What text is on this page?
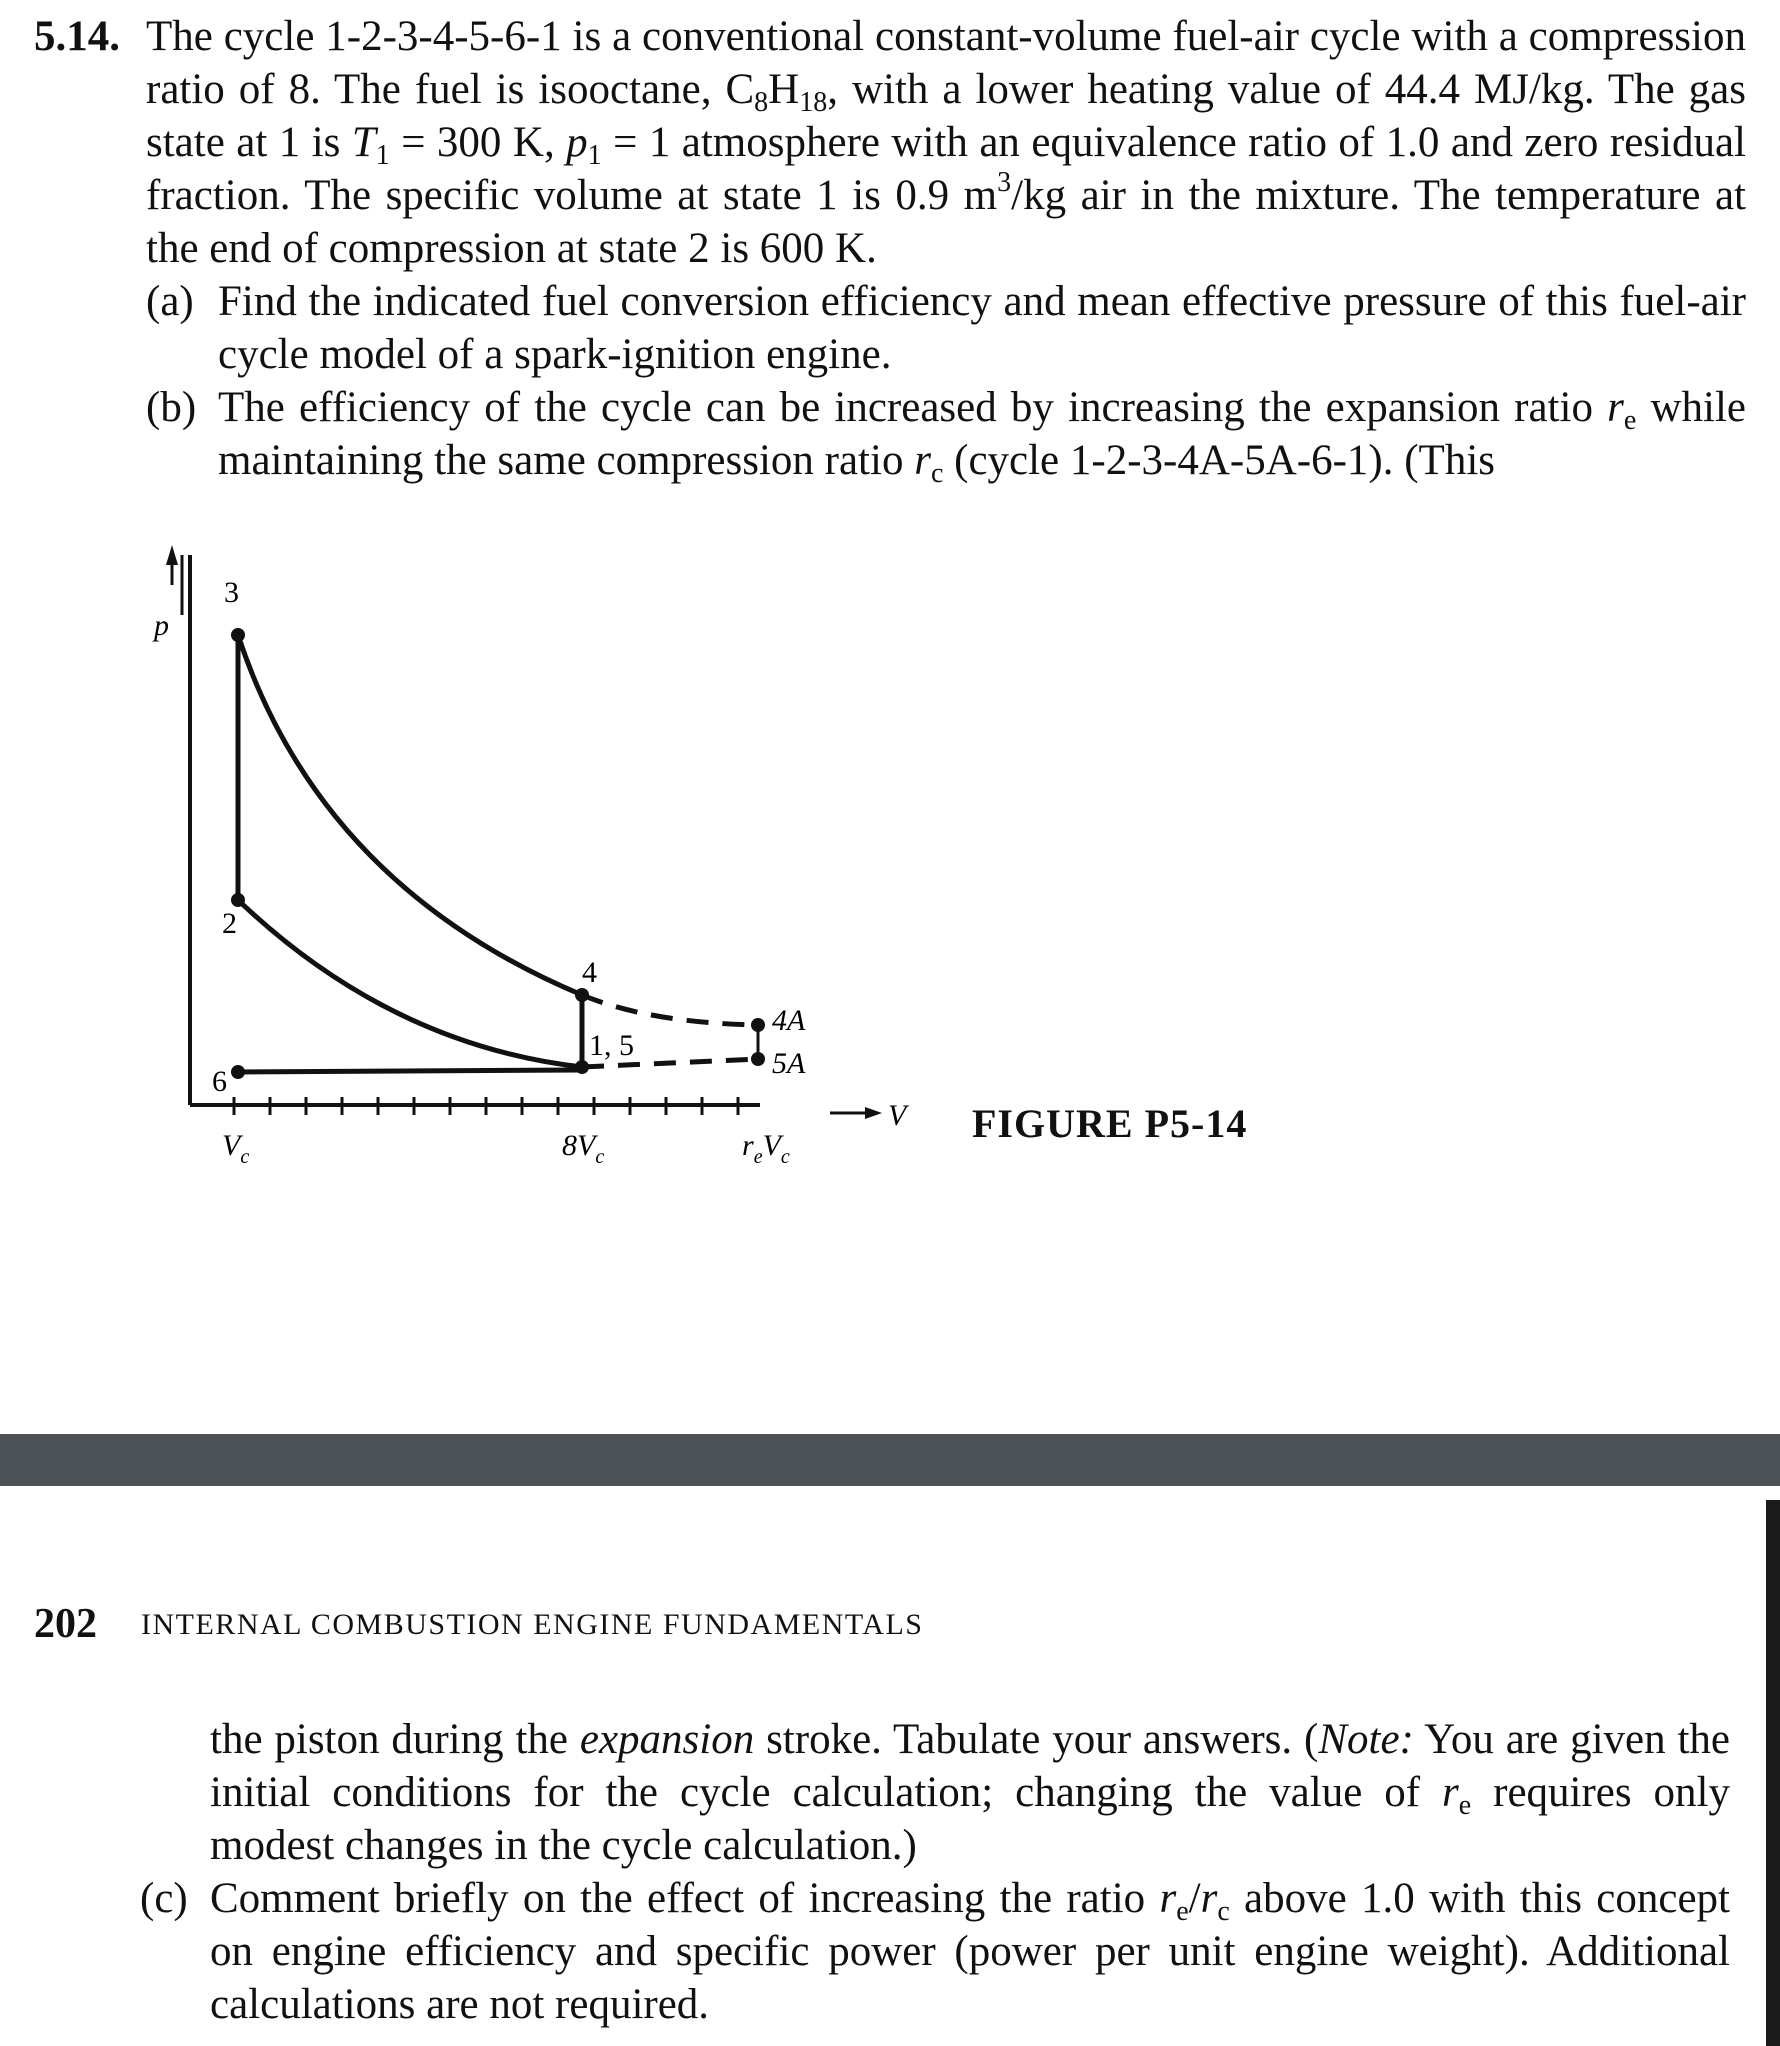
5.14. The cycle 1-2-3-4-5-6-1 is a conventional constant-volume fuel-air cycle with a compression ratio of 8. The fuel is isooctane, $C_8H_{18}$, with a lower heating value of 44.4 MJ/kg. The gas state at 1 is $T_1 = 300$ K, $p_1 = 1$ atmosphere with an equivalence ratio of 1.0 and zero residual fraction. The specific volume at state 1 is 0.9 $m^3/kg$ air in the mixture. The temperature at the end of compression at state 2 is 600 K.
(a) Find the indicated fuel conversion efficiency and mean effective pressure of this fuel-air cycle model of a spark-ignition engine.
(b) The efficiency of the cycle can be increased by increasing the expansion ratio $r_e$ while maintaining the same compression ratio $r_c$ (cycle 1-2-3-4A-5A-6-1). (This
p
V
3
2
4
1, 5
6
4A
5A
$V_c$	$8V_c$	$r_eV_c$
FIGURE P5-14
202 INTERNAL COMBUSTION ENGINE FUNDAMENTALS
the piston during the expansion stroke. Tabulate your answers. (Note: You are given the initial conditions for the cycle calculation; changing the value of $r_e$ requires only modest changes in the cycle calculation.)
(c) Comment briefly on the effect of increasing the ratio $r_e/r_c$ above 1.0 with this concept on engine efficiency and specific power (power per unit engine weight). Additional calculations are not required.
